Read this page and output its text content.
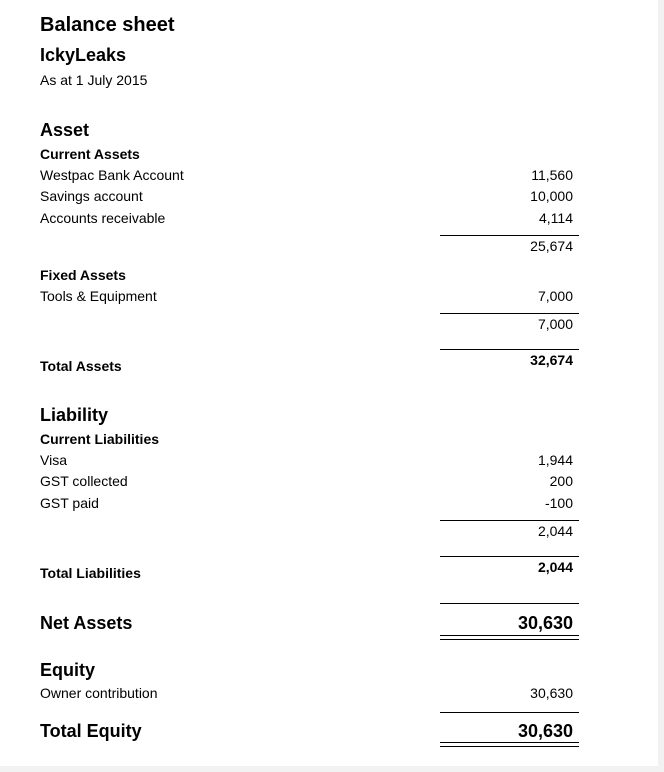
Balance sheet
IckyLeaks
As at 1 July 2015
Asset
Current Assets
Westpac Bank Account	11,560
Savings account	10,000
Accounts receivable	4,114
25,674
Fixed Assets
Tools & Equipment	7,000
7,000
Total Assets	32,674
Liability
Current Liabilities
Visa	1,944
GST collected	200
GST paid	-100
2,044
Total Liabilities	2,044
Net Assets	30,630
Equity
Owner contribution	30,630
Total Equity	30,630
